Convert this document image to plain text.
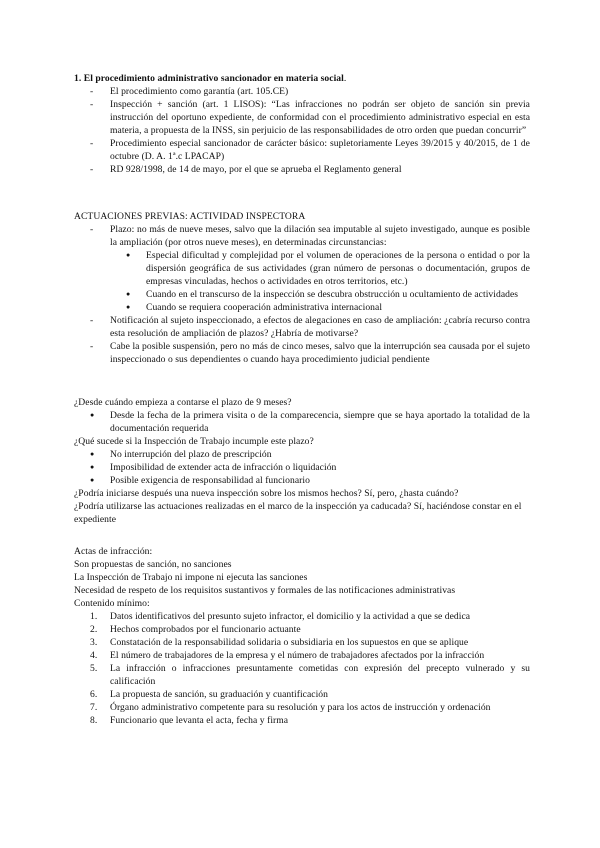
1. El procedimiento administrativo sancionador en materia social.

- El procedimiento como garantía (art. 105.CE)
- Inspección + sanción (art. 1 LISOS): “Las infracciones no podrán ser objeto de sanción sin previa instrucción del oportuno expediente, de conformidad con el procedimiento administrativo especial en esta materia, a propuesta de la INSS, sin perjuicio de las responsabilidades de otro orden que puedan concurrir”
- Procedimiento especial sancionador de carácter básico: supletoriamente Leyes 39/2015 y 40/2015, de 1 de octubre (D. A. 1ª.c LPACAP)
- RD 928/1998, de 14 de mayo, por el que se aprueba el Reglamento general

ACTUACIONES PREVIAS: ACTIVIDAD INSPECTORA

- Plazo: no más de nueve meses, salvo que la dilación sea imputable al sujeto investigado, aunque es posible la ampliación (por otros nueve meses), en determinadas circunstancias:
● Especial dificultad y complejidad por el volumen de operaciones de la persona o entidad o por la dispersión geográfica de sus actividades (gran número de personas o documentación, grupos de empresas vinculadas, hechos o actividades en otros territorios, etc.)
● Cuando en el transcurso de la inspección se descubra obstrucción u ocultamiento de actividades
● Cuando se requiera cooperación administrativa internacional
- Notificación al sujeto inspeccionado, a efectos de alegaciones en caso de ampliación: ¿cabría recurso contra esta resolución de ampliación de plazos? ¿Habría de motivarse?
- Cabe la posible suspensión, pero no más de cinco meses, salvo que la interrupción sea causada por el sujeto inspeccionado o sus dependientes o cuando haya procedimiento judicial pendiente

¿Desde cuándo empieza a contarse el plazo de 9 meses?

● Desde la fecha de la primera visita o de la comparecencia, siempre que se haya aportado la totalidad de la documentación requerida

¿Qué sucede si la Inspección de Trabajo incumple este plazo?

● No interrupción del plazo de prescripción
● Imposibilidad de extender acta de infracción o liquidación
● Posible exigencia de responsabilidad al funcionario

¿Podría iniciarse después una nueva inspección sobre los mismos hechos? Sí, pero, ¿hasta cuándo?

¿Podría utilizarse las actuaciones realizadas en el marco de la inspección ya caducada? Sí, haciéndose constar en el expediente

Actas de infracción:

Son propuestas de sanción, no sanciones

La Inspección de Trabajo ni impone ni ejecuta las sanciones

Necesidad de respeto de los requisitos sustantivos y formales de las notificaciones administrativas

Contenido mínimo:

1. Datos identificativos del presunto sujeto infractor, el domicilio y la actividad a que se dedica
2. Hechos comprobados por el funcionario actuante
3. Constatación de la responsabilidad solidaria o subsidiaria en los supuestos en que se aplique
4. El número de trabajadores de la empresa y el número de trabajadores afectados por la infracción
5. La infracción o infracciones presuntamente cometidas con expresión del precepto vulnerado y su calificación
6. La propuesta de sanción, su graduación y cuantificación
7. Órgano administrativo competente para su resolución y para los actos de instrucción y ordenación
8. Funcionario que levanta el acta, fecha y firma
